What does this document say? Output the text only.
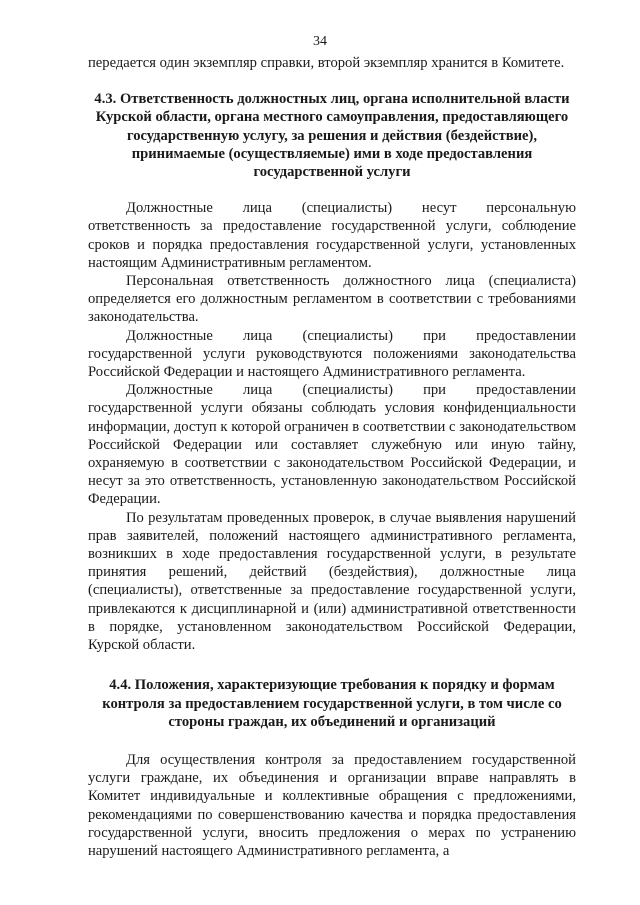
34

передается один экземпляр справки, второй экземпляр хранится в Комитете.

4.3. Ответственность должностных лиц, органа исполнительной власти Курской области, органа местного самоуправления, предоставляющего государственную услугу, за решения и действия (бездействие), принимаемые (осуществляемые) ими в ходе предоставления государственной услуги

Должностные лица (специалисты) несут персональную ответственность за предоставление государственной услуги, соблюдение сроков и порядка предоставления государственной услуги, установленных настоящим Административным регламентом.

Персональная ответственность должностного лица (специалиста) определяется его должностным регламентом в соответствии с требованиями законодательства.

Должностные лица (специалисты) при предоставлении государственной услуги руководствуются положениями законодательства Российской Федерации и настоящего Административного регламента.

Должностные лица (специалисты) при предоставлении государственной услуги обязаны соблюдать условия конфиденциальности информации, доступ к которой ограничен в соответствии с законодательством Российской Федерации или составляет служебную или иную тайну, охраняемую в соответствии с законодательством Российской Федерации, и несут за это ответственность, установленную законодательством Российской Федерации.

По результатам проведенных проверок, в случае выявления нарушений прав заявителей, положений настоящего административного регламента, возникших в ходе предоставления государственной услуги, в результате принятия решений, действий (бездействия), должностные лица (специалисты), ответственные за предоставление государственной услуги, привлекаются к дисциплинарной и (или) административной ответственности в порядке, установленном законодательством Российской Федерации, Курской области.

4.4. Положения, характеризующие требования к порядку и формам контроля за предоставлением государственной услуги, в том числе со стороны граждан, их объединений и организаций

Для осуществления контроля за предоставлением государственной услуги граждане, их объединения и организации вправе направлять в Комитет индивидуальные и коллективные обращения с предложениями, рекомендациями по совершенствованию качества и порядка предоставления государственной услуги, вносить предложения о мерах по устранению нарушений настоящего Административного регламента, а
